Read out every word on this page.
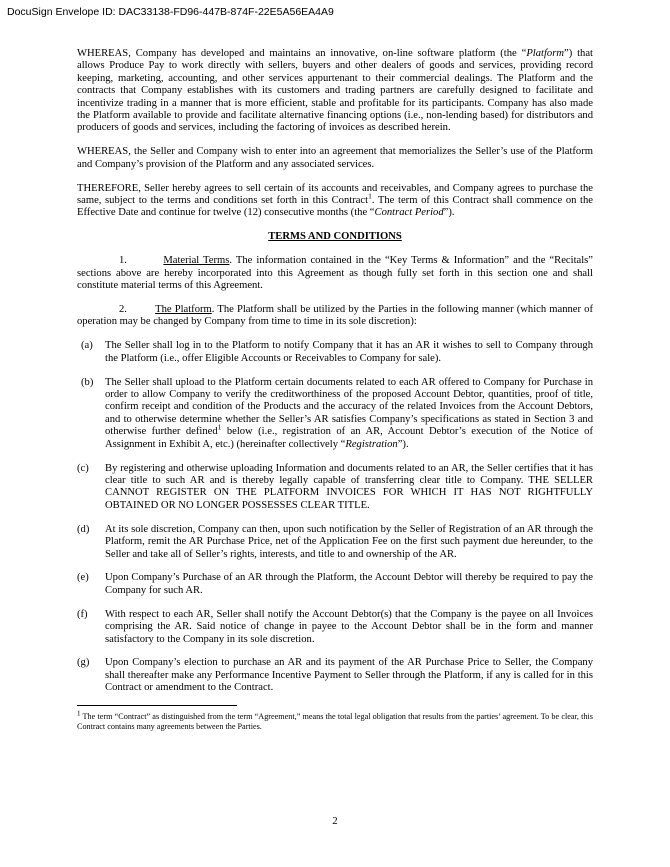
DocuSign Envelope ID: DAC33138-FD96-447B-874F-22E5A56EA4A9

WHEREAS, Company has developed and maintains an innovative, on-line software platform (the “Platform”) that allows Produce Pay to work directly with sellers, buyers and other dealers of goods and services, providing record keeping, marketing, accounting, and other services appurtenant to their commercial dealings. The Platform and the contracts that Company establishes with its customers and trading partners are carefully designed to facilitate and incentivize trading in a manner that is more efficient, stable and profitable for its participants. Company has also made the Platform available to provide and facilitate alternative financing options (i.e., non-lending based) for distributors and producers of goods and services, including the factoring of invoices as described herein.

WHEREAS, the Seller and Company wish to enter into an agreement that memorializes the Seller’s use of the Platform and Company’s provision of the Platform and any associated services.

THEREFORE, Seller hereby agrees to sell certain of its accounts and receivables, and Company agrees to purchase the same, subject to the terms and conditions set forth in this Contract$^1$. The term of this Contract shall commence on the Effective Date and continue for twelve (12) consecutive months (the “Contract Period”).

TERMS AND CONDITIONS

1.	Material Terms. The information contained in the “Key Terms & Information” and the “Recitals” sections above are hereby incorporated into this Agreement as though fully set forth in this section one and shall constitute material terms of this Agreement.

2.	The Platform. The Platform shall be utilized by the Parties in the following manner (which manner of operation may be changed by Company from time to time in its sole discretion):

(a)	The Seller shall log in to the Platform to notify Company that it has an AR it wishes to sell to Company through the Platform (i.e., offer Eligible Accounts or Receivables to Company for sale).
(b)	The Seller shall upload to the Platform certain documents related to each AR offered to Company for Purchase in order to allow Company to verify the creditworthiness of the proposed Account Debtor, quantities, proof of title, confirm receipt and condition of the Products and the accuracy of the related Invoices from the Account Debtors, and to otherwise determine whether the Seller’s AR satisfies Company’s specifications as stated in Section 3 and otherwise further defined$^1$ below (i.e., registration of an AR, Account Debtor’s execution of the Notice of Assignment in Exhibit A, etc.) (hereinafter collectively “Registration”).
(c)	By registering and otherwise uploading Information and documents related to an AR, the Seller certifies that it has clear title to such AR and is thereby legally capable of transferring clear title to Company. THE SELLER CANNOT REGISTER ON THE PLATFORM INVOICES FOR WHICH IT HAS NOT RIGHTFULLY OBTAINED OR NO LONGER POSSESSES CLEAR TITLE.
(d)	At its sole discretion, Company can then, upon such notification by the Seller of Registration of an AR through the Platform, remit the AR Purchase Price, net of the Application Fee on the first such payment due hereunder, to the Seller and take all of Seller’s rights, interests, and title to and ownership of the AR.
(e)	Upon Company’s Purchase of an AR through the Platform, the Account Debtor will thereby be required to pay the Company for such AR.
(f)	With respect to each AR, Seller shall notify the Account Debtor(s) that the Company is the payee on all Invoices comprising the AR. Said notice of change in payee to the Account Debtor shall be in the form and manner satisfactory to the Company in its sole discretion.
(g)	Upon Company’s election to purchase an AR and its payment of the AR Purchase Price to Seller, the Company shall thereafter make any Performance Incentive Payment to Seller through the Platform, if any is called for in this Contract or amendment to the Contract.

$^1$ The term “Contract” as distinguished from the term “Agreement,” means the total legal obligation that results from the parties’ agreement. To be clear, this Contract contains many agreements between the Parties.

2
